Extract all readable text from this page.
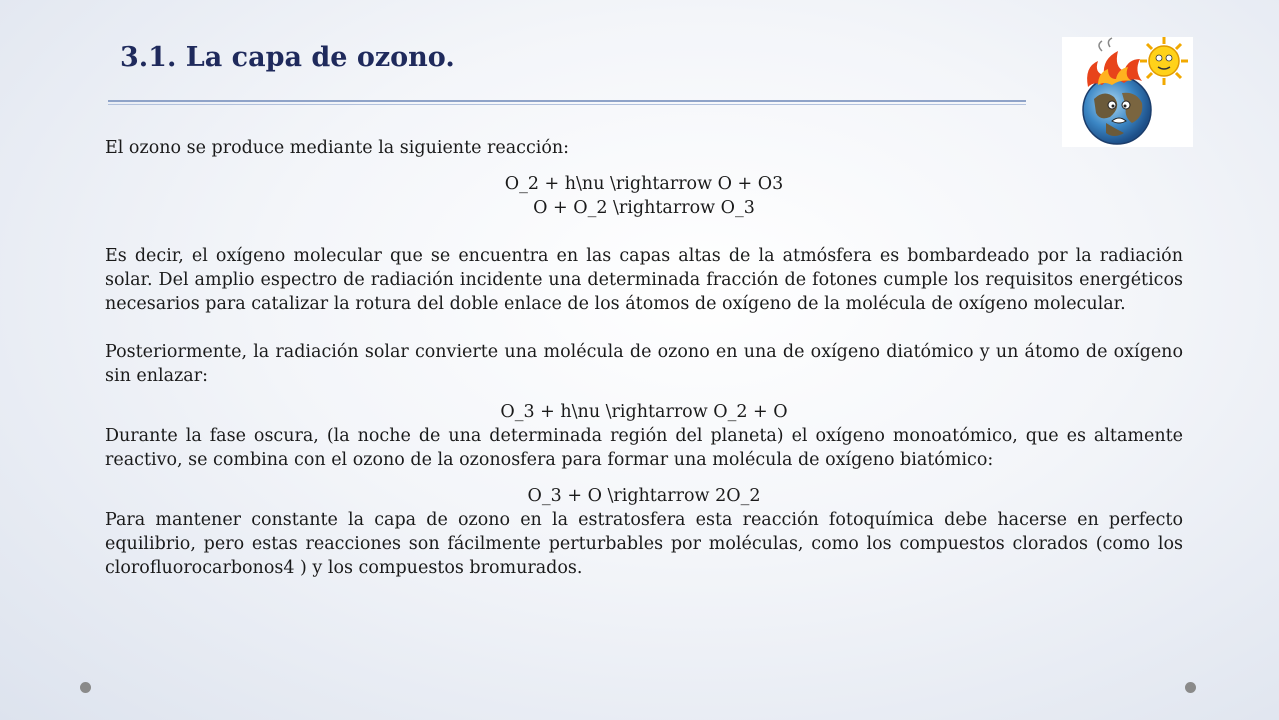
3.1. La capa de ozono.

El ozono se produce mediante la siguiente reacción:

O_2 + h\nu \rightarrow O + O3

O + O_2 \rightarrow O_3

Es decir, el oxígeno molecular que se encuentra en las capas altas de la atmósfera es bombardeado por la radiación solar. Del amplio espectro de radiación incidente una determinada fracción de fotones cumple los requisitos energéticos necesarios para catalizar la rotura del doble enlace de los átomos de oxígeno de la molécula de oxígeno molecular.

Posteriormente, la radiación solar convierte una molécula de ozono en una de oxígeno diatómico y un átomo de oxígeno sin enlazar:

O_3 + h\nu \rightarrow O_2 + O

Durante la fase oscura, (la noche de una determinada región del planeta) el oxígeno monoatómico, que es altamente reactivo, se combina con el ozono de la ozonosfera para formar una molécula de oxígeno biatómico:

O_3 + O \rightarrow 2O_2

Para mantener constante la capa de ozono en la estratosfera esta reacción fotoquímica debe hacerse en perfecto equilibrio, pero estas reacciones son fácilmente perturbables por moléculas, como los compuestos clorados (como los clorofluorocarbonos4 ) y los compuestos bromurados.
